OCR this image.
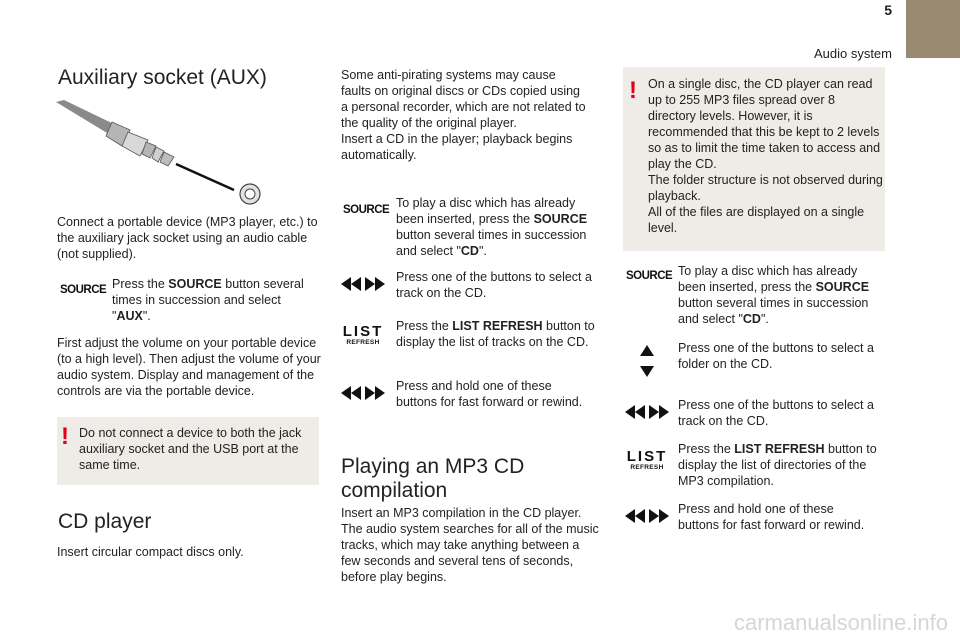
5
Audio system
Auxiliary socket (AUX)

Connect a portable device (MP3 player, etc.) to the auxiliary jack socket using an audio cable (not supplied).

SOURCE Press the SOURCE button several times in succession and select "AUX".

First adjust the volume on your portable device (to a high level). Then adjust the volume of your audio system. Display and management of the controls are via the portable device.

! Do not connect a device to both the jack auxiliary socket and the USB port at the same time.

CD player

Insert circular compact discs only.

Some anti-pirating systems may cause faults on original discs or CDs copied using a personal recorder, which are not related to the quality of the original player.

Insert a CD in the player; playback begins automatically.

SOURCE To play a disc which has already been inserted, press the SOURCE button several times in succession and select "CD".

Press one of the buttons to select a track on the CD.

LIST
REFRESH

Press the LIST REFRESH button to display the list of tracks on the CD.

Press and hold one of these buttons for fast forward or rewind.

Playing an MP3 CD compilation

Insert an MP3 compilation in the CD player. The audio system searches for all of the music tracks, which may take anything between a few seconds and several tens of seconds, before play begins.

! On a single disc, the CD player can read up to 255 MP3 files spread over 8 directory levels. However, it is recommended that this be kept to 2 levels so as to limit the time taken to access and play the CD.

The folder structure is not observed during playback.

All of the files are displayed on a single level.

SOURCE To play a disc which has already been inserted, press the SOURCE button several times in succession and select "CD".

Press one of the buttons to select a folder on the CD.

Press one of the buttons to select a track on the CD.

LIST
REFRESH

Press the LIST REFRESH button to display the list of directories of the MP3 compilation.

Press and hold one of these buttons for fast forward or rewind.

carmanualsonline.info
